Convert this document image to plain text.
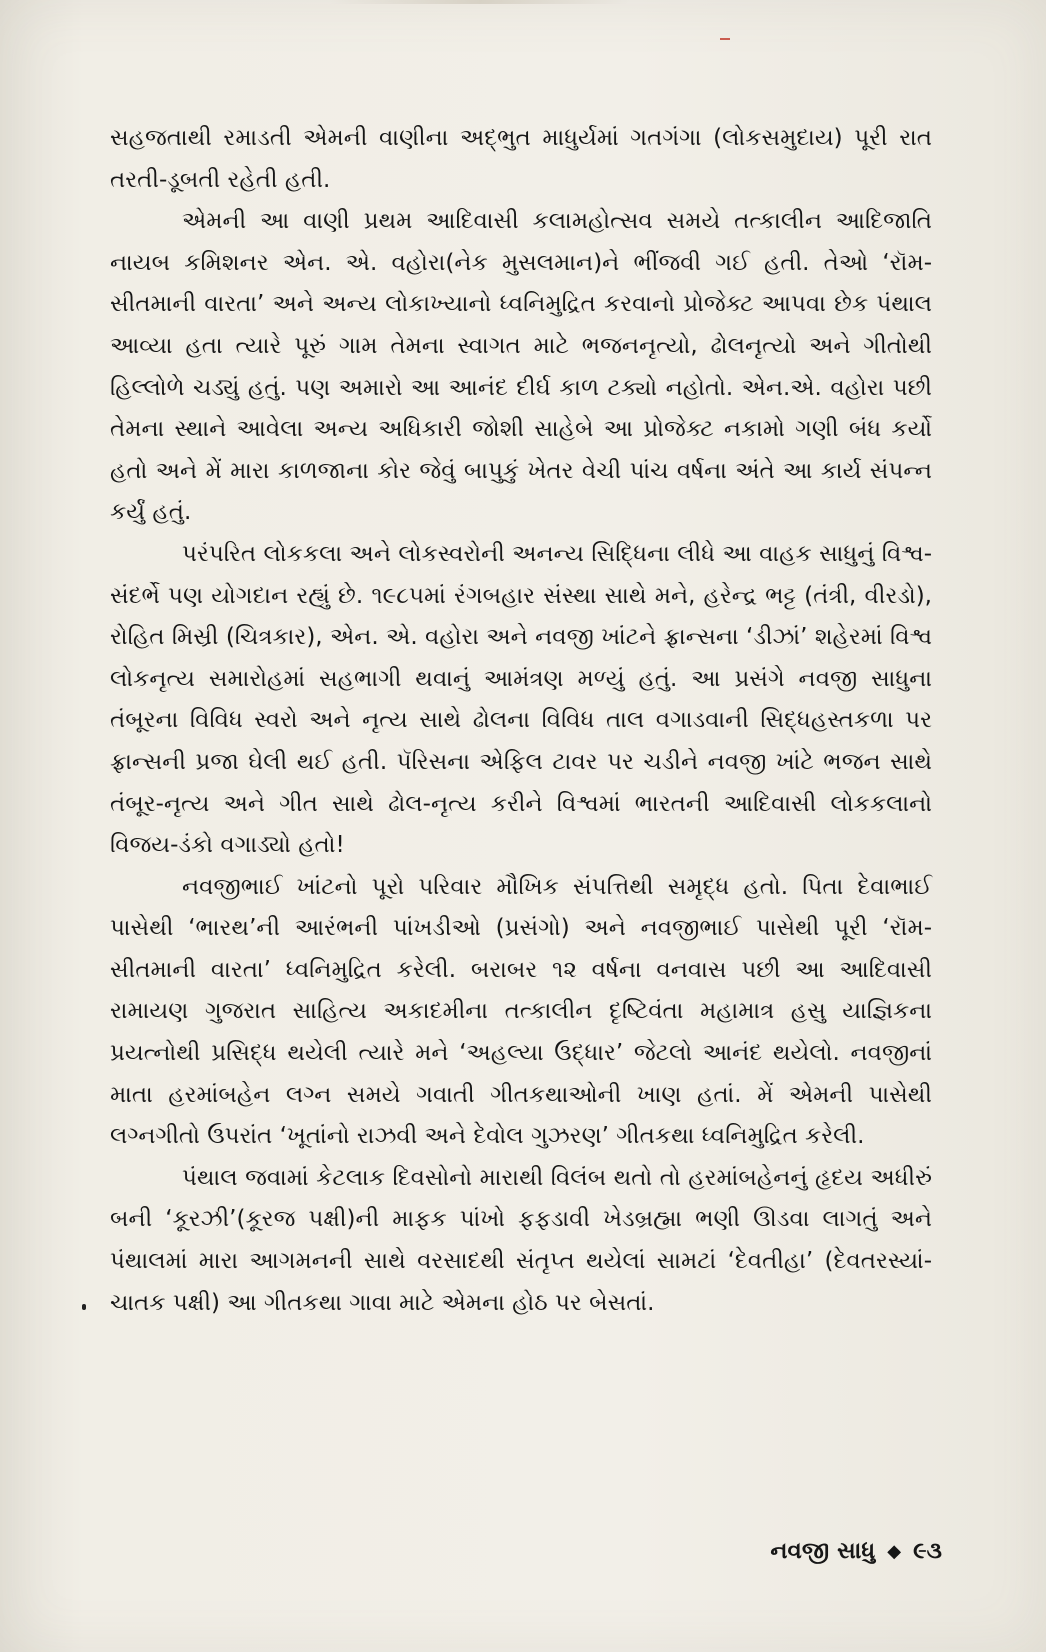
સહજતાથી રમાડતી એમની વાણીના અદ્ભુત માધુર્યમાં ગતગંગા (લોકસમુદાય) પૂરી રાત તરતી-ડૂબતી રહેતી હતી.

એમની આ વાણી પ્રથમ આદિવાસી કલામહોત્સવ સમયે તત્કાલીન આદિજાતિ નાયબ કમિશનર એન. એ. વહોરા(નેક મુસલમાન)ને ભીંજવી ગઈ હતી. તેઓ ‘રૉમ-સીતમાની વારતા’ અને અન્ય લોકાખ્યાનો ધ્વનિમુદ્રિત કરવાનો પ્રોજેક્ટ આપવા છેક પંથાલ આવ્યા હતા ત્યારે પૂરું ગામ તેમના સ્વાગત માટે ભજનનૃત્યો, ઢોલનૃત્યો અને ગીતોથી હિલ્લોળે ચડ્યું હતું. પણ અમારો આ આનંદ દીર્ઘ કાળ ટક્યો નહોતો. એન.એ. વહોરા પછી તેમના સ્થાને આવેલા અન્ય અધિકારી જોશી સાહેબે આ પ્રોજેક્ટ નકામો ગણી બંધ કર્યો હતો અને મેં મારા કાળજાના કોર જેવું બાપુકું ખેતર વેચી પાંચ વર્ષના અંતે આ કાર્ય સંપન્ન કર્યું હતું.

પરંપરિત લોકકલા અને લોકસ્વરોની અનન્ય સિદ્ધિના લીધે આ વાહક સાધુનું વિશ્વ-સંદર્ભે પણ યોગદાન રહ્યું છે. ૧૯૮૫માં રંગબહાર સંસ્થા સાથે મને, હરેન્દ્ર ભટ્ટ (તંત્રી, વીરડો), રોહિત મિસ્રી (ચિત્રકાર), એન. એ. વહોરા અને નવજી ખાંટને ફ્રાન્સના ‘ડીઝાં’ શહેરમાં વિશ્વ લોકનૃત્ય સમારોહમાં સહભાગી થવાનું આમંત્રણ મળ્યું હતું. આ પ્રસંગે નવજી સાધુના તંબૂરના વિવિધ સ્વરો અને નૃત્ય સાથે ઢોલના વિવિધ તાલ વગાડવાની સિદ્ધહસ્તકળા પર ફ્રાન્સની પ્રજા ઘેલી થઈ હતી. પૅરિસના એફિલ ટાવર પર ચડીને નવજી ખાંટે ભજન સાથે તંબૂર-નૃત્ય અને ગીત સાથે ઢોલ-નૃત્ય કરીને વિશ્વમાં ભારતની આદિવાસી લોકકલાનો વિજય-ડંકો વગાડ્યો હતો!

નવજીભાઈ ખાંટનો પૂરો પરિવાર મૌખિક સંપત્તિથી સમૃદ્ધ હતો. પિતા દેવાભાઈ પાસેથી ‘ભારથ’ની આરંભની પાંખડીઓ (પ્રસંગો) અને નવજીભાઈ પાસેથી પૂરી ‘રૉમ-સીતમાની વારતા’ ધ્વનિમુદ્રિત કરેલી. બરાબર ૧૨ વર્ષના વનવાસ પછી આ આદિવાસી રામાયણ ગુજરાત સાહિત્ય અકાદમીના તત્કાલીન દૃષ્ટિવંતા મહામાત્ર હસુ યાજ્ઞિકના પ્રયત્નોથી પ્રસિદ્ધ થયેલી ત્યારે મને ‘અહલ્યા ઉદ્ધાર’ જેટલો આનંદ થયેલો. નવજીનાં માતા હરમાંબહેન લગ્ન સમયે ગવાતી ગીતકથાઓની ખાણ હતાં. મેં એમની પાસેથી લગ્નગીતો ઉપરાંત ‘ખૂતાંનો રાઝવી અને દેવોલ ગુઝરણ’ ગીતકથા ધ્વનિમુદ્રિત કરેલી.

પંથાલ જવામાં કેટલાક દિવસોનો મારાથી વિલંબ થતો તો હરમાંબહેનનું હૃદય અધીરું બની ‘કૂરઝી’(કૂરજ પક્ષી)ની માફક પાંખો ફફડાવી ખેડબ્રહ્મા ભણી ઊડવા લાગતું અને પંથાલમાં મારા આગમનની સાથે વરસાદથી સંતૃપ્ત થયેલાં સામટાં ‘દેવતીહા’ (દેવતરસ્યાં-ચાતક પક્ષી) આ ગીતકથા ગાવા માટે એમના હોઠ પર બેસતાં.

નવજી સાધુ ◆ ૯૩
